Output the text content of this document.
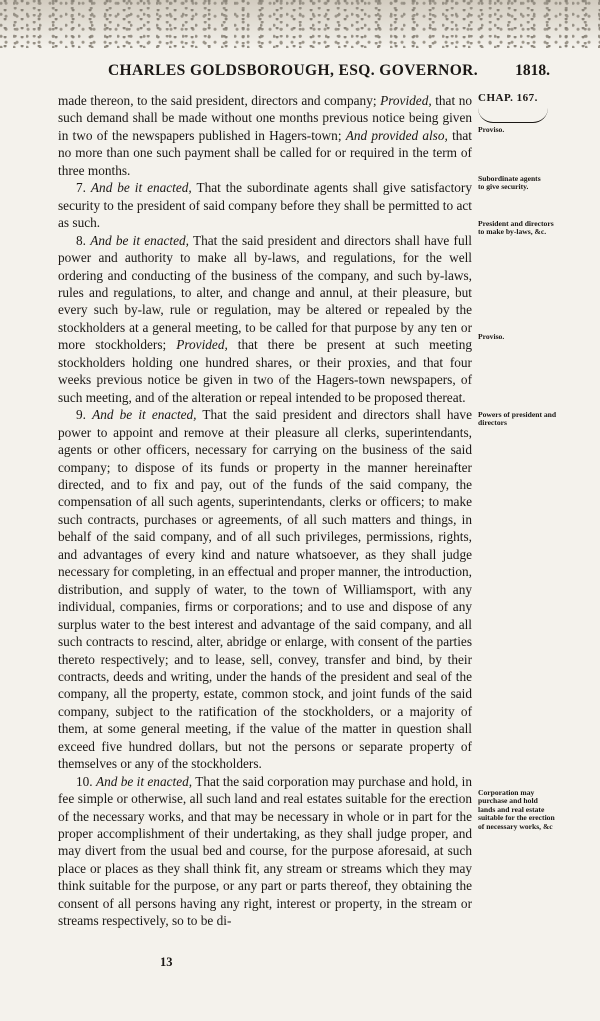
CHARLES GOLDSBOROUGH, ESQ. GOVERNOR.	1818.
CHAP. 167.
Proviso.
Subordinate agents to give security.
President and directors to make by-laws, &c.
Proviso.
Powers of president and directors
Corporation may purchase and hold lands and real estate suitable for the erection of necessary works, &c

made thereon, to the said president, directors and company; Provided, that no such demand shall be made without one months previous notice being given in two of the newspapers published in Hagers-town; And provided also, that no more than one such payment shall be called for or required in the term of three months.

7. And be it enacted, That the subordinate agents shall give satisfactory security to the president of said company before they shall be permitted to act as such.

8. And be it enacted, That the said president and directors shall have full power and authority to make all by-laws, and regulations, for the well ordering and conducting of the business of the company, and such by-laws, rules and regulations, to alter, and change and annul, at their pleasure, but every such by-law, rule or regulation, may be altered or repealed by the stockholders at a general meeting, to be called for that purpose by any ten or more stockholders; Provided, that there be present at such meeting stockholders holding one hundred shares, or their proxies, and that four weeks previous notice be given in two of the Hagers-town newspapers, of such meeting, and of the alteration or repeal intended to be proposed thereat.

9. And be it enacted, That the said president and directors shall have power to appoint and remove at their pleasure all clerks, superintendants, agents or other officers, necessary for carrying on the business of the said company; to dispose of its funds or property in the manner hereinafter directed, and to fix and pay, out of the funds of the said company, the compensation of all such agents, superintendants, clerks or officers; to make such contracts, purchases or agreements, of all such matters and things, in behalf of the said company, and of all such privileges, permissions, rights, and advantages of every kind and nature whatsoever, as they shall judge necessary for completing, in an effectual and proper manner, the introduction, distribution, and supply of water, to the town of Williamsport, with any individual, companies, firms or corporations; and to use and dispose of any surplus water to the best interest and advantage of the said company, and all such contracts to rescind, alter, abridge or enlarge, with consent of the parties thereto respectively; and to lease, sell, convey, transfer and bind, by their contracts, deeds and writing, under the hands of the president and seal of the company, all the property, estate, common stock, and joint funds of the said company, subject to the ratification of the stockholders, or a majority of them, at some general meeting, if the value of the matter in question shall exceed five hundred dollars, but not the persons or separate property of themselves or any of the stockholders.

10. And be it enacted, That the said corporation may purchase and hold, in fee simple or otherwise, all such land and real estates suitable for the erection of the necessary works, and that may be necessary in whole or in part for the proper accomplishment of their undertaking, as they shall judge proper, and may divert from the usual bed and course, for the purpose aforesaid, at such place or places as they shall think fit, any stream or streams which they may think suitable for the purpose, or any part or parts thereof, they obtaining the consent of all persons having any right, interest or property, in the stream or streams respectively, so to be di-

13
